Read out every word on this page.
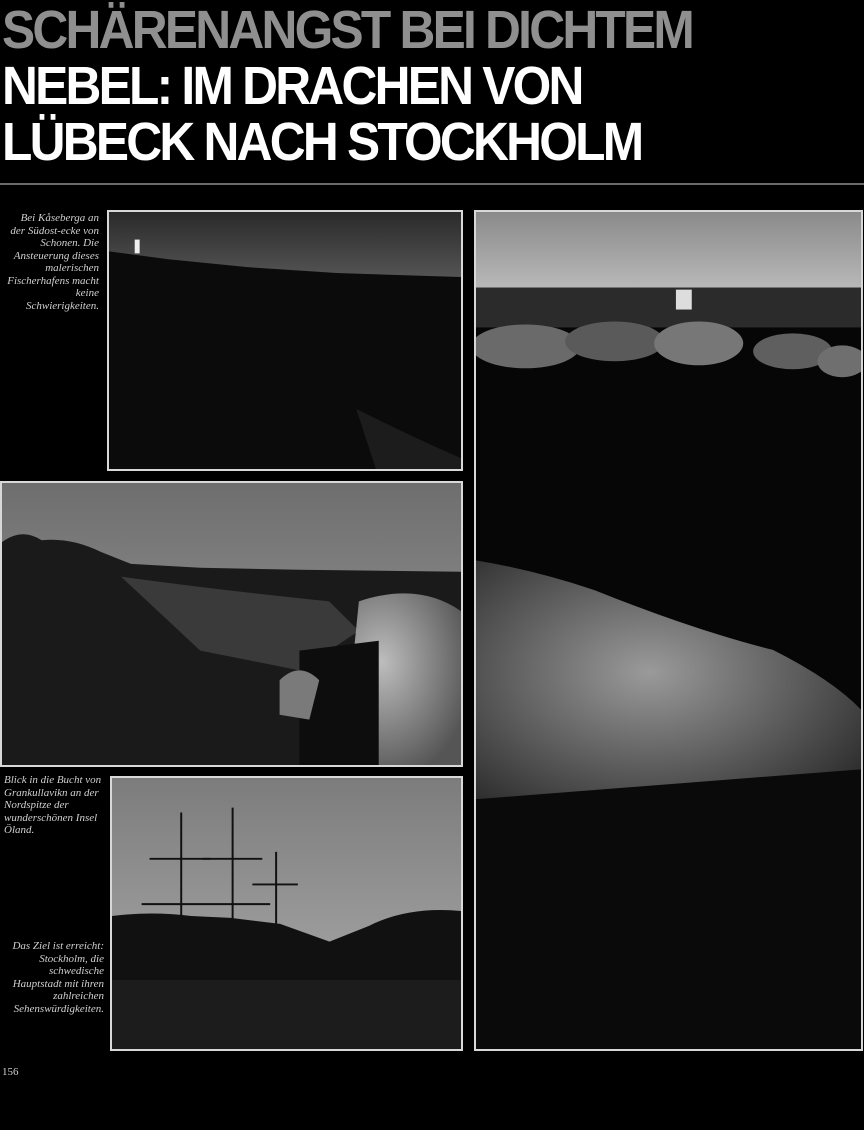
SCHÄRENANGST BEI DICHTEM
NEBEL: IM DRACHEN VON
LÜBECK NACH STOCKHOLM
Bei Kåseberga an der Südost-ecke von Schonen. Die Ansteuerung dieses malerischen Fischerhafens macht keine Schwierigkeiten.
Blick in die Bucht von Grankullavikn an der Nordspitze der wunderschönen Insel Öland.
Das Ziel ist erreicht: Stockholm, die schwedische Hauptstadt mit ihren zahlreichen Sehenswürdigkeiten.
156
